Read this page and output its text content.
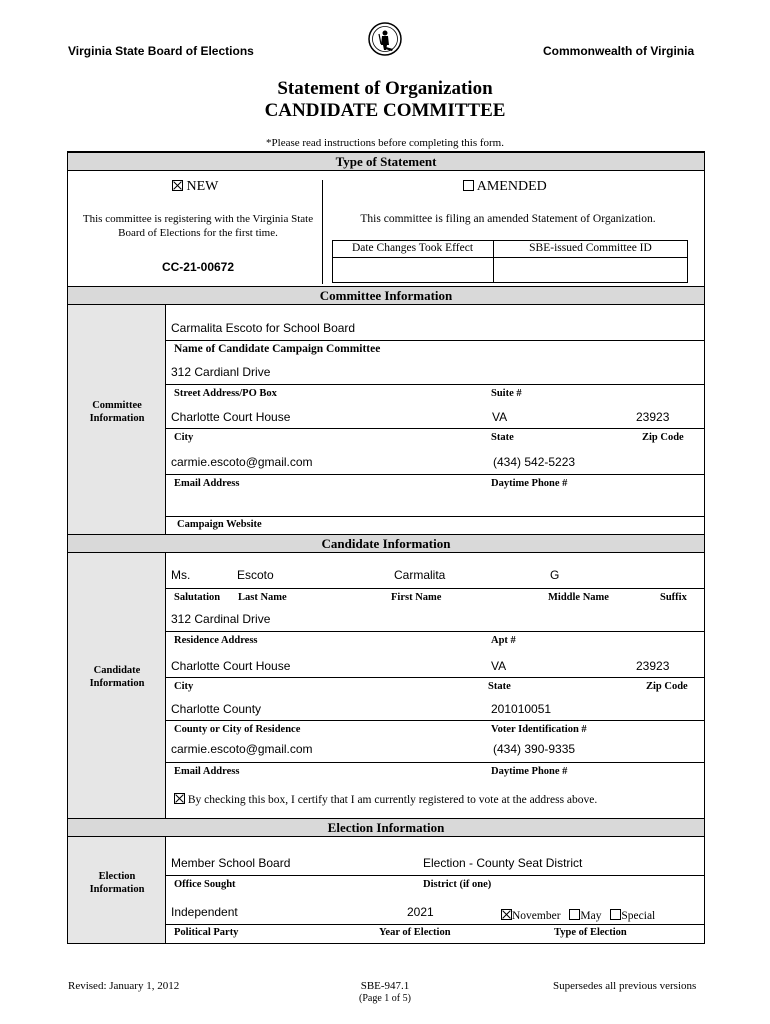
Virginia State Board of Elections	Commonwealth of Virginia
Statement of Organization
CANDIDATE COMMITTEE
*Please read instructions before completing this form.
Type of Statement
NEW
This committee is registering with the Virginia State Board of Elections for the first time.
CC-21-00672
AMENDED
This committee is filing an amended Statement of Organization.
Date Changes Took Effect	SBE-issued Committee ID
Committee Information
Committee Information
Carmalita Escoto for School Board
Name of Candidate Campaign Committee
312 Cardianl Drive
Street Address/PO Box	Suite #
Charlotte Court House	VA	23923
City	State	Zip Code
carmie.escoto@gmail.com	(434) 542-5223
Email Address	Daytime Phone #
Campaign Website
Candidate Information
Candidate Information
Ms.	Escoto	Carmalita	G
Salutation Last Name	First Name	Middle Name	Suffix
312 Cardinal Drive
Residence Address	Apt #
Charlotte Court House	VA	23923
City	State	Zip Code
Charlotte County	201010051
County or City of Residence	Voter Identification #
carmie.escoto@gmail.com	(434) 390-9335
Email Address	Daytime Phone #
By checking this box, I certify that I am currently registered to vote at the address above.
Election Information
Election Information
Member School Board	Election - County Seat District
Office Sought	District (if one)
Independent	2021	November May Special
Political Party	Year of Election	Type of Election
Revised: January 1, 2012	SBE-947.1
(Page 1 of 5)
Supersedes all previous versions
